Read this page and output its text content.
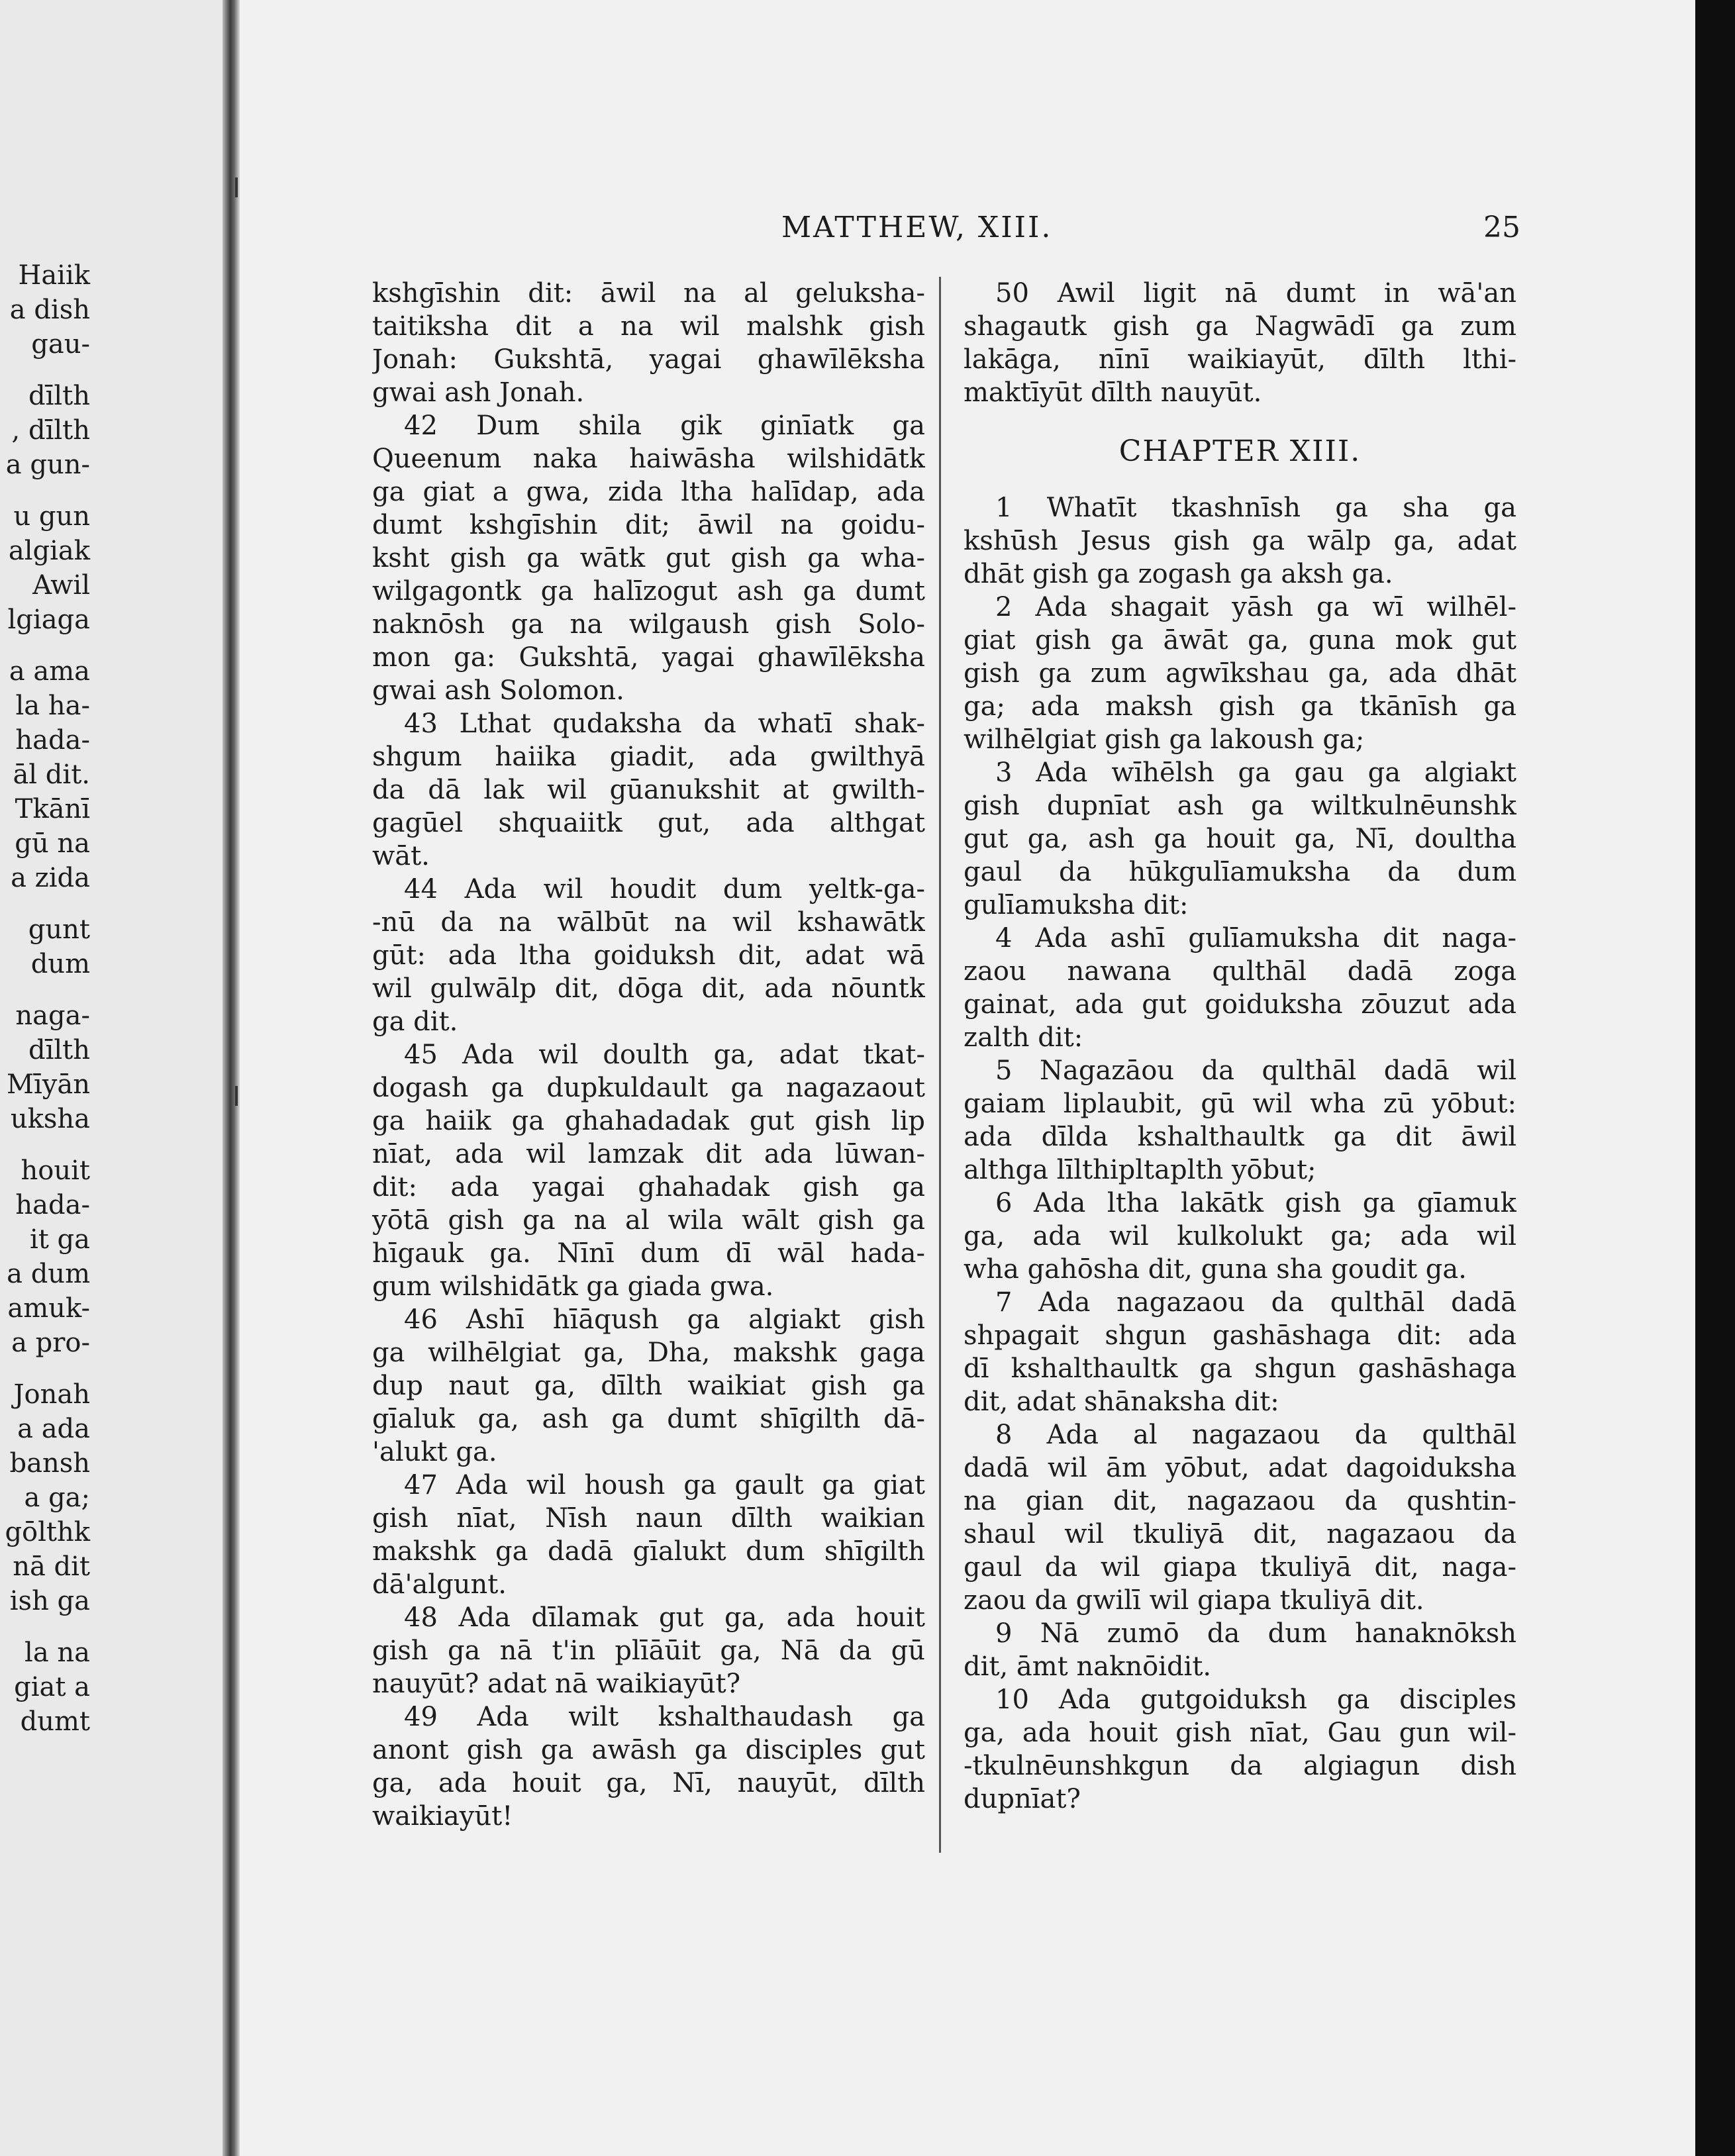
Haiik
a dish
gau-
dīlth
, dīlth
a gun-
u gun
algiak
Awil
lgiaga
a ama
la ha-
hada-
āl dit.
Tkānī
gū na
a zida
gunt
dum
naga-
dīlth
Mīyān
uksha
houit
hada-
it ga
a dum
amuk-
a pro-
Jonah
a ada
bansh
a ga;
gōlthk
nā dit
ish ga
la na
giat a
dumt
MATTHEW, XIII.	25
kshgīshin dit: āwil na al geluksha-
taitiksha dit a na wil malshk gish
Jonah: Gukshtā, yagai ghawīlēksha
gwai ash Jonah.
42 Dum shila gik ginīatk ga
Queenum naka haiwāsha wilshidātk
ga giat a gwa, zida ltha halīdap, ada
dumt kshgīshin dit; āwil na goidu-
ksht gish ga wātk gut gish ga wha-
wilgagontk ga halīzogut ash ga dumt
naknōsh ga na wilgaush gish Solo-
mon ga: Gukshtā, yagai ghawīlēksha
gwai ash Solomon.
43 Lthat qudaksha da whatī shak-
shgum haiika giadit, ada gwilthyā
da dā lak wil gūanukshit at gwilth-
gagūel shquaiitk gut, ada althgat
wāt.
44 Ada wil houdit dum yeltk-ga-
-nū da na wālbūt na wil kshawātk
gūt: ada ltha goiduksh dit, adat wā
wil gulwālp dit, dōga dit, ada nōuntk
ga dit.
45 Ada wil doulth ga, adat tkat-
dogash ga dupkuldault ga nagazaout
ga haiik ga ghahadadak gut gish lip
nīat, ada wil lamzak dit ada lūwan-
dit: ada yagai ghahadak gish ga
yōtā gish ga na al wila wālt gish ga
hīgauk ga. Nīnī dum dī wāl hada-
gum wilshidātk ga giada gwa.
46 Ashī hīāqush ga algiakt gish
ga wilhēlgiat ga, Dha, makshk gaga
dup naut ga, dīlth waikiat gish ga
gīaluk ga, ash ga dumt shīgilth dā-
'alukt ga.
47 Ada wil housh ga gault ga giat
gish nīat, Nīsh naun dīlth waikian
makshk ga dadā gīalukt dum shīgilth
dā'algunt.
48 Ada dīlamak gut ga, ada houit
gish ga nā t'in plīāūit ga, Nā da gū
nauyūt? adat nā waikiayūt?
49 Ada wilt kshalthaudash ga
anont gish ga awāsh ga disciples gut
ga, ada houit ga, Nī, nauyūt, dīlth
waikiayūt!
50 Awil ligit nā dumt in wā'an
shagautk gish ga Nagwādī ga zum
lakāga, nīnī waikiayūt, dīlth lthi-
maktīyūt dīlth nauyūt.
CHAPTER XIII.
1 Whatīt tkashnīsh ga sha ga
kshūsh Jesus gish ga wālp ga, adat
dhāt gish ga zogash ga aksh ga.
2 Ada shagait yāsh ga wī wilhēl-
giat gish ga āwāt ga, guna mok gut
gish ga zum agwīkshau ga, ada dhāt
ga; ada maksh gish ga tkānīsh ga
wilhēlgiat gish ga lakoush ga;
3 Ada wīhēlsh ga gau ga algiakt
gish dupnīat ash ga wiltkulnēunshk
gut ga, ash ga houit ga, Nī, doultha
gaul da hūkgulīamuksha da dum
gulīamuksha dit:
4 Ada ashī gulīamuksha dit naga-
zaou nawana qulthāl dadā zoga
gainat, ada gut goiduksha zōuzut ada
zalth dit:
5 Nagazāou da qulthāl dadā wil
gaiam liplaubit, gū wil wha zū yōbut:
ada dīlda kshalthaultk ga dit āwil
althga līlthipltaplth yōbut;
6 Ada ltha lakātk gish ga gīamuk
ga, ada wil kulkolukt ga; ada wil
wha gahōsha dit, guna sha goudit ga.
7 Ada nagazaou da qulthāl dadā
shpagait shgun gashāshaga dit: ada
dī kshalthaultk ga shgun gashāshaga
dit, adat shānaksha dit:
8 Ada al nagazaou da qulthāl
dadā wil ām yōbut, adat dagoiduksha
na gian dit, nagazaou da qushtin-
shaul wil tkuliyā dit, nagazaou da
gaul da wil giapa tkuliyā dit, naga-
zaou da gwilī wil giapa tkuliyā dit.
9 Nā zumō da dum hanaknōksh
dit, āmt naknōidit.
10 Ada gutgoiduksh ga disciples
ga, ada houit gish nīat, Gau gun wil-
-tkulnēunshkgun da algiagun dish
dupnīat?
